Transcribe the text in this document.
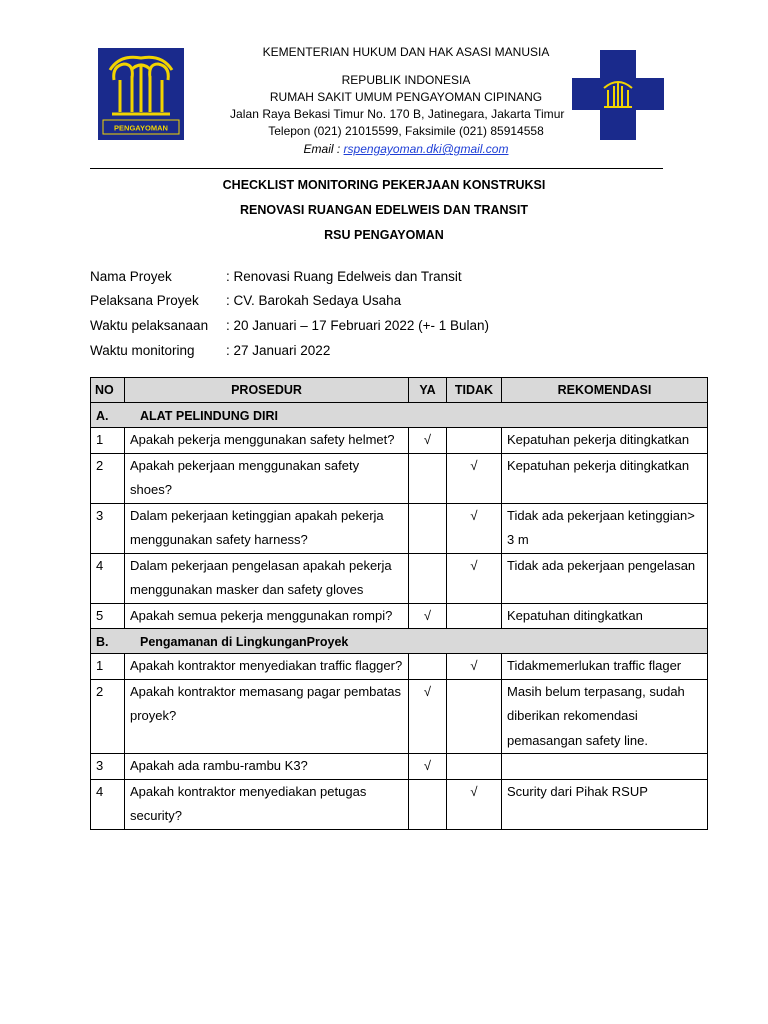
PENGAYOMAN
KEMENTERIAN HUKUM DAN HAK ASASI MANUSIA
REPUBLIK INDONESIA
RUMAH SAKIT UMUM PENGAYOMAN CIPINANG
Jalan Raya Bekasi Timur No. 170 B, Jatinegara, Jakarta Timur
Telepon (021) 21015599, Faksimile (021) 85914558
Email : rspengayoman.dki@gmail.com
CHECKLIST MONITORING PEKERJAAN KONSTRUKSI
RENOVASI RUANGAN EDELWEIS DAN TRANSIT
RSU PENGAYOMAN
Nama Proyek	: Renovasi Ruang Edelweis dan Transit
Pelaksana Proyek : CV. Barokah Sedaya Usaha
Waktu pelaksanaan : 20 Januari – 17 Februari 2022 (+- 1 Bulan)
Waktu monitoring : 27 Januari 2022
NO	PROSEDUR	YA	TIDAK	REKOMENDASI
A. ALAT PELINDUNG DIRI				
1	Apakah pekerja menggunakan safety helmet?	√		Kepatuhan pekerja ditingkatkan
2	Apakah pekerjaan menggunakan safety shoes?		√	Kepatuhan pekerja ditingkatkan
3	Dalam pekerjaan ketinggian apakah pekerja menggunakan safety harness?		√	Tidak ada pekerjaan ketinggian> 3 m
4	Dalam pekerjaan pengelasan apakah pekerja menggunakan masker dan safety gloves		√	Tidak ada pekerjaan pengelasan
5	Apakah semua pekerja menggunakan rompi?	√		Kepatuhan ditingkatkan
B. Pengamanan di LingkunganProyek				
1	Apakah kontraktor menyediakan traffic flagger?		√	Tidakmemerlukan traffic flager
2	Apakah kontraktor memasang pagar pembatas proyek?	√		Masih belum terpasang, sudah diberikan rekomendasi pemasangan safety line.
3	Apakah ada rambu-rambu K3?	√		
4	Apakah kontraktor menyediakan petugas security?		√	Scurity dari Pihak RSUP
